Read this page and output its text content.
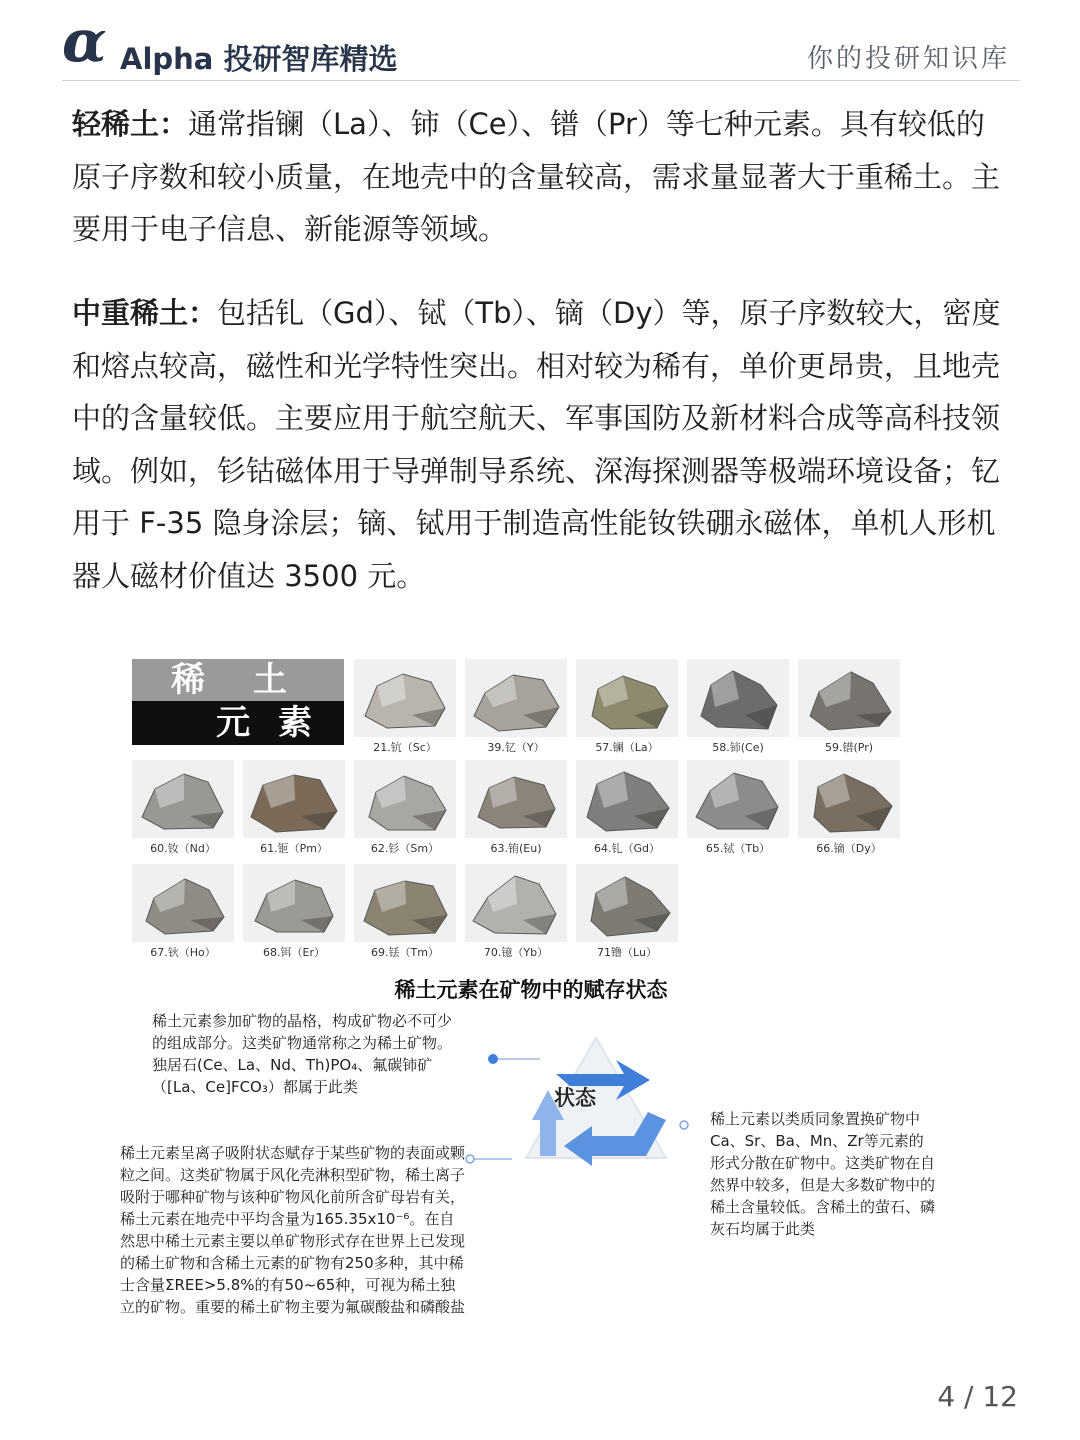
α Alpha 投研智库精选	你的投研知识库

轻稀土：通常指镧（La）、铈（Ce）、镨（Pr）等七种元素。具有较低的原子序数和较小质量，在地壳中的含量较高，需求量显著大于重稀土。主要用于电子信息、新能源等领域。

中重稀土：包括钆（Gd）、铽（Tb）、镝（Dy）等，原子序数较大，密度和熔点较高，磁性和光学特性突出。相对较为稀有，单价更昂贵，且地壳中的含量较低。主要应用于航空航天、军事国防及新材料合成等高科技领域。例如，钐钴磁体用于导弹制导系统、深海探测器等极端环境设备；钇用于 F-35 隐身涂层；镝、铽用于制造高性能钕铁硼永磁体，单机人形机器人磁材价值达 3500 元。

稀 土
元 素
21.钪（Sc）	39.钇（Y）	57.镧（La）	58.铈(Ce)	59.镨(Pr)
60.钕（Nd）	61.钷（Pm）	62.钐（Sm）	63.铕(Eu)	64.钆（Gd）	65.铽（Tb）	66.镝（Dy）
67.钬（Ho）	68.铒（Er）	69.铥（Tm）	70.镱（Yb）	71镥（Lu）
稀土元素在矿物中的赋存状态

稀土元素参加矿物的晶格，构成矿物必不可少的组成部分。这类矿物通常称之为稀土矿物。独居石(Ce、La、Nd、Th)PO₄、氟碳铈矿（[La、Ce]FCO₃）都属于此类

稀土元素呈离子吸附状态赋存于某些矿物的表面或颗粒之间。这类矿物属于风化壳淋积型矿物，稀土离子吸附于哪种矿物与该种矿物风化前所含矿母岩有关，稀土元素在地壳中平均含量为165.35x10⁻⁶。在自然思中稀土元素主要以单矿物形式存在世界上已发现的稀土矿物和含稀土元素的矿物有250多种，其中稀士含量ΣREE>5.8%的有50~65种，可视为稀土独立的矿物。重要的稀土矿物主要为氟碳酸盐和磷酸盐

稀上元素以类质同象置换矿物中Ca、Sr、Ba、Mn、Zr等元素的形式分散在矿物中。这类矿物在自然界中较多，但是大多数矿物中的稀土含量较低。含稀土的萤石、磷灰石均属于此类

状态
4 / 12
